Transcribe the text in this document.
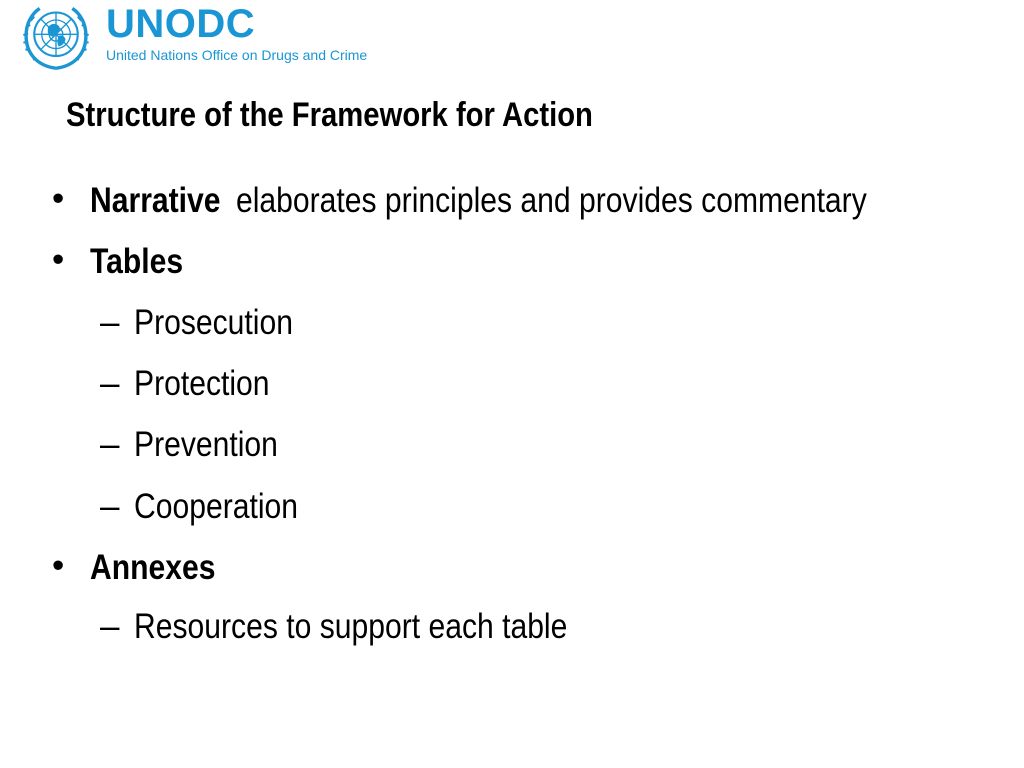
UNODC
United Nations Office on Drugs and Crime
Structure of the Framework for Action
• Narrative elaborates principles and provides commentary
• Tables
– Prosecution
– Protection
– Prevention
– Cooperation
• Annexes
– Resources to support each table
